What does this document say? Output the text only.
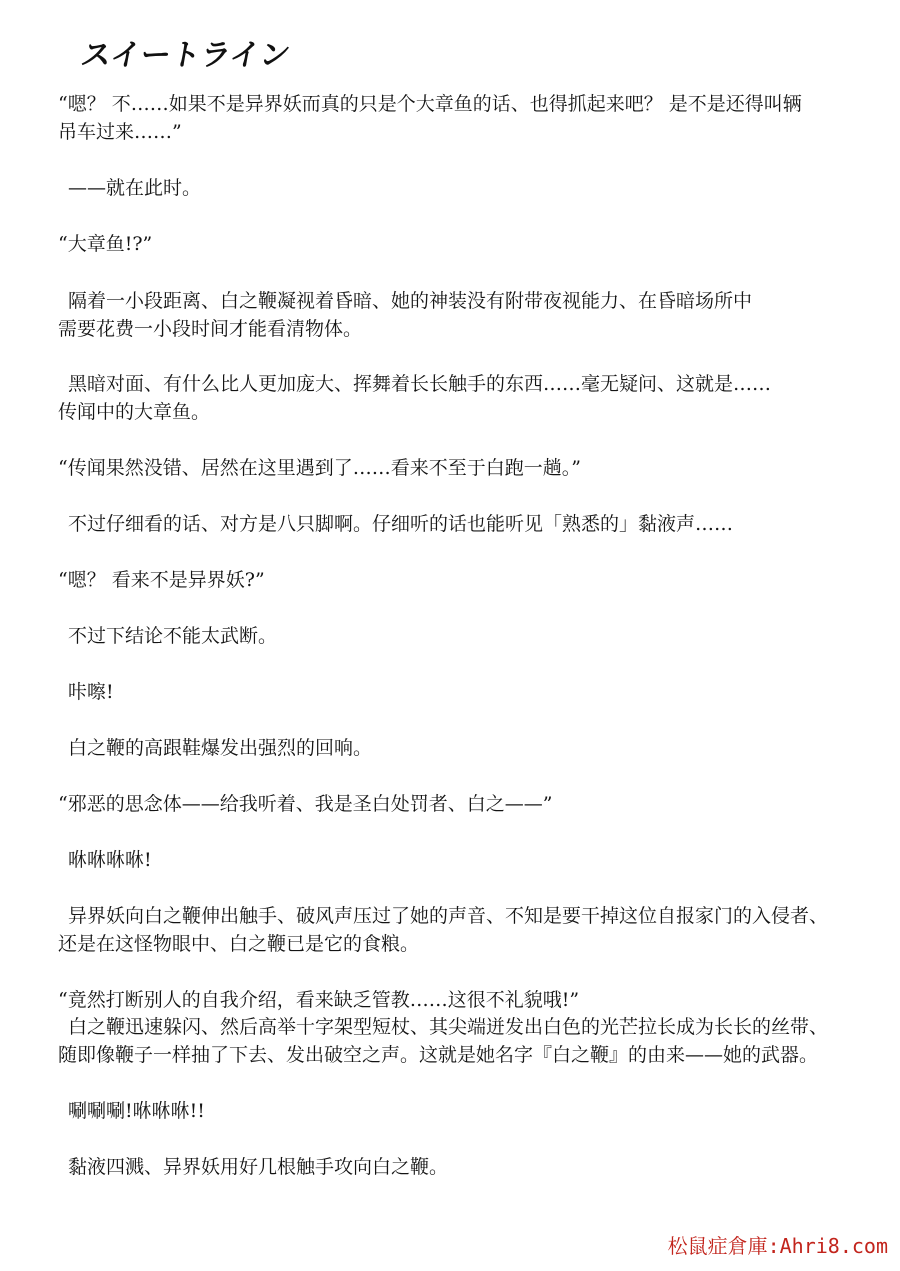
スイートライン
“嗯？ 不……如果不是异界妖而真的只是个大章鱼的话、也得抓起来吧？ 是不是还得叫辆
吊车过来……”
——就在此时。
“大章鱼!?”
隔着一小段距离、白之鞭凝视着昏暗、她的神装没有附带夜视能力、在昏暗场所中
需要花费一小段时间才能看清物体。
黑暗对面、有什么比人更加庞大、挥舞着长长触手的东西……毫无疑问、这就是……
传闻中的大章鱼。
“传闻果然没错、居然在这里遇到了……看来不至于白跑一趟。”
不过仔细看的话、对方是八只脚啊。仔细听的话也能听见「熟悉的」黏液声……
“嗯？ 看来不是异界妖?”
不过下结论不能太武断。
咔嚓!
白之鞭的高跟鞋爆发出强烈的回响。
“邪恶的思念体——给我听着、我是圣白处罚者、白之——”
咻咻咻咻!
异界妖向白之鞭伸出触手、破风声压过了她的声音、不知是要干掉这位自报家门的入侵者、
还是在这怪物眼中、白之鞭已是它的食粮。
“竟然打断别人的自我介绍，看来缺乏管教……这很不礼貌哦!”
白之鞭迅速躲闪、然后高举十字架型短杖、其尖端迸发出白色的光芒拉长成为长长的丝带、
随即像鞭子一样抽了下去、发出破空之声。这就是她名字『白之鞭』的由来——她的武器。
唰唰唰!咻咻咻!!
黏液四溅、异界妖用好几根触手攻向白之鞭。
松鼠症倉庫:Ahri8.com
